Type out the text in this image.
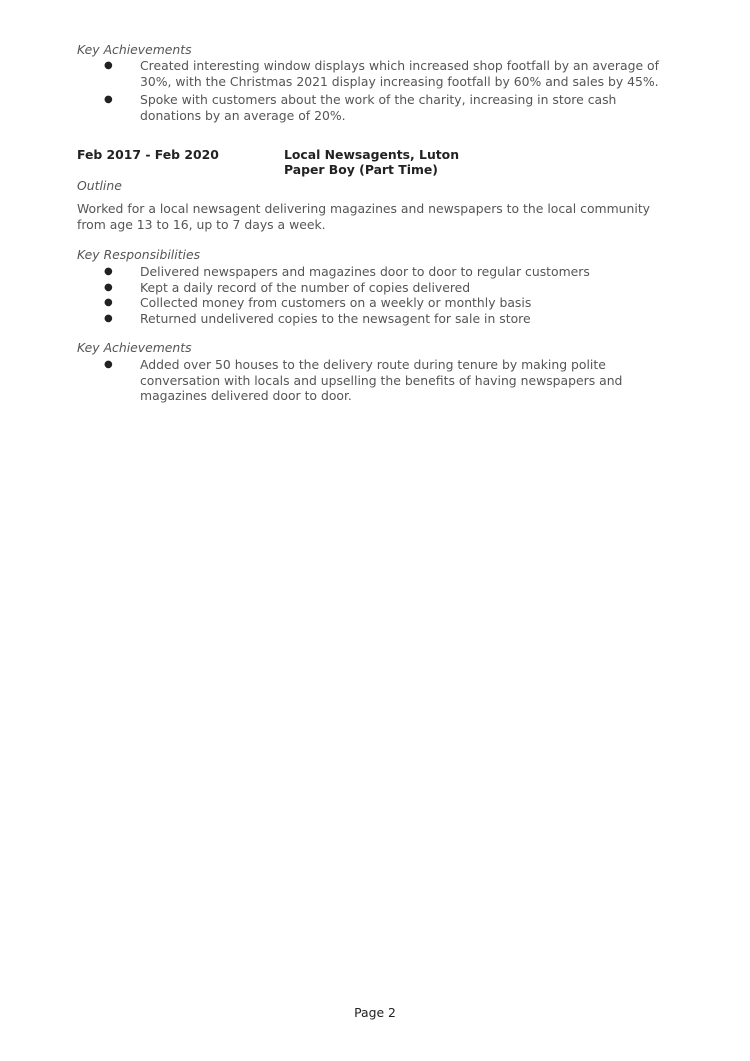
Key Achievements
● Created interesting window displays which increased shop footfall by an average of 30%, with the Christmas 2021 display increasing footfall by 60% and sales by 45%.
● Spoke with customers about the work of the charity, increasing in store cash donations by an average of 20%.
Feb 2017 - Feb 2020	Local Newsagents, Luton
Paper Boy (Part Time)
Outline
Worked for a local newsagent delivering magazines and newspapers to the local community from age 13 to 16, up to 7 days a week.
Key Responsibilities
● Delivered newspapers and magazines door to door to regular customers
● Kept a daily record of the number of copies delivered
● Collected money from customers on a weekly or monthly basis
● Returned undelivered copies to the newsagent for sale in store
Key Achievements
● Added over 50 houses to the delivery route during tenure by making polite conversation with locals and upselling the benefits of having newspapers and magazines delivered door to door.
Page 2
